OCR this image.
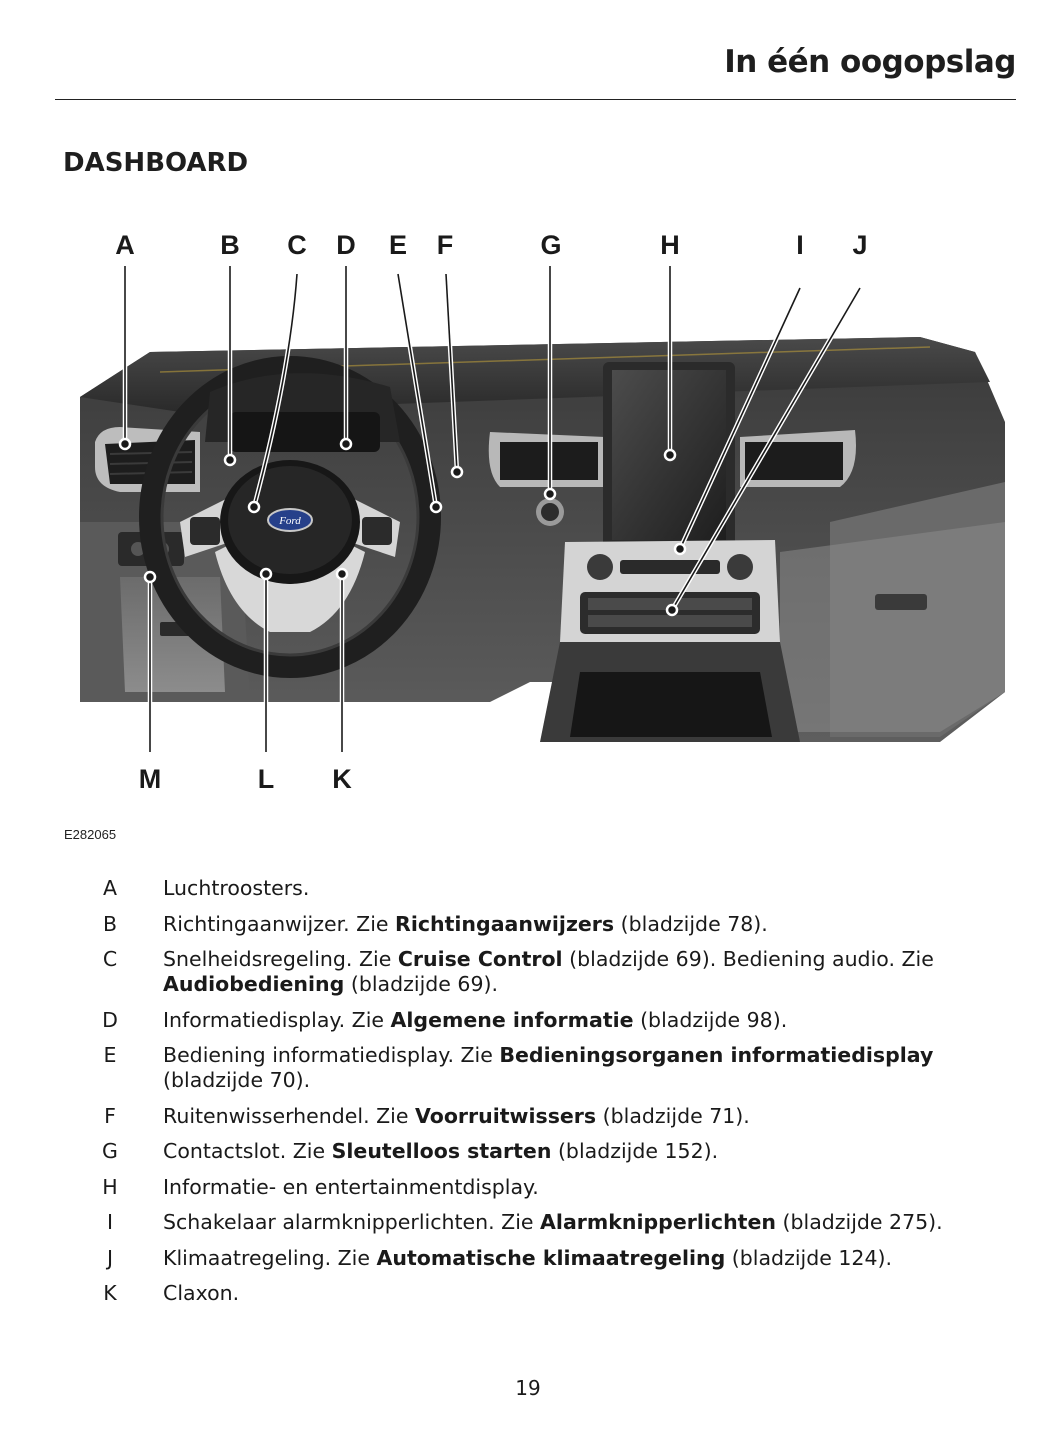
In één oogopslag
DASHBOARD
Ford
A	B C D E F	G	H	I J
M	L K
E282065
A	Luchtroosters.
B	Richtingaanwijzer. Zie Richtingaanwijzers (bladzijde 78).
C	Snelheidsregeling. Zie Cruise Control (bladzijde 69). Bediening audio. Zie Audiobediening (bladzijde 69).
D	Informatiedisplay. Zie Algemene informatie (bladzijde 98).
E	Bediening informatiedisplay. Zie Bedieningsorganen informatiedisplay (bladzijde 70).
F	Ruitenwisserhendel. Zie Voorruitwissers (bladzijde 71).
G	Contactslot. Zie Sleutelloos starten (bladzijde 152).
H	Informatie- en entertainmentdisplay.
I	Schakelaar alarmknipperlichten. Zie Alarmknipperlichten (bladzijde 275).
J	Klimaatregeling. Zie Automatische klimaatregeling (bladzijde 124).
K	Claxon.
19
